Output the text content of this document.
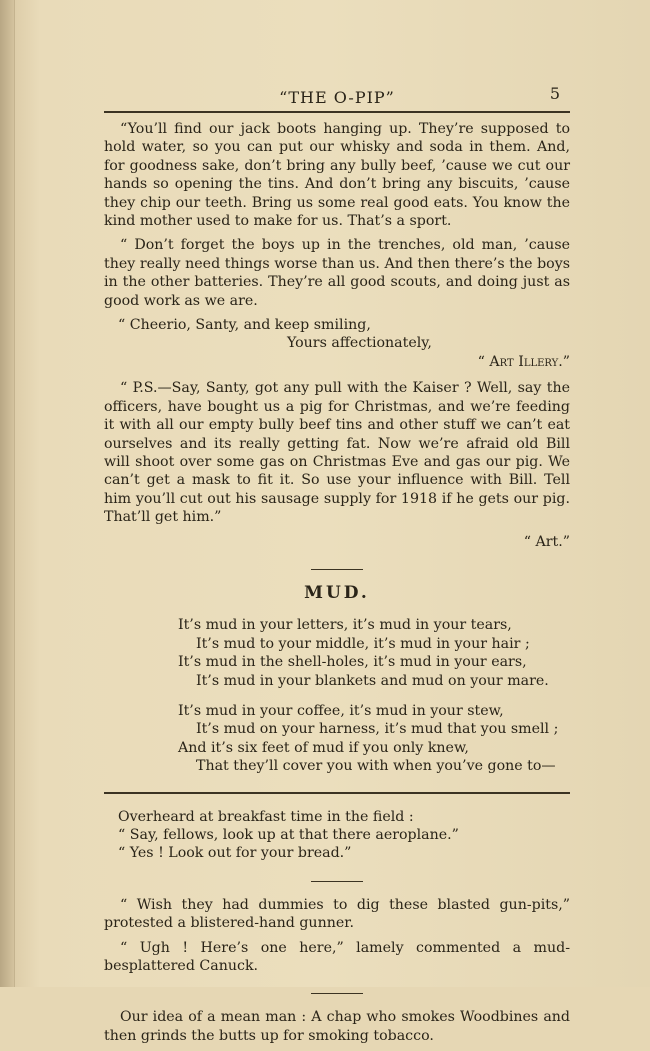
“THE O-PIP”	5

“You’ll find our jack boots hanging up. They’re supposed to hold water, so you can put our whisky and soda in them. And, for goodness sake, don’t bring any bully beef, ’cause we cut our hands so opening the tins. And don’t bring any biscuits, ’cause they chip our teeth. Bring us some real good eats. You know the kind mother used to make for us. That’s a sport.

“ Don’t forget the boys up in the trenches, old man, ’cause they really need things worse than us. And then there’s the boys in the other batteries. They’re all good scouts, and doing just as good work as we are.

“ Cheerio, Santy, and keep smiling,

Yours affectionately,

“ Art Illery.”

“ P.S.—Say, Santy, got any pull with the Kaiser ? Well, say the officers, have bought us a pig for Christmas, and we’re feeding it with all our empty bully beef tins and other stuff we can’t eat ourselves and its really getting fat. Now we’re afraid old Bill will shoot over some gas on Christmas Eve and gas our pig. We can’t get a mask to fit it. So use your influence with Bill. Tell him you’ll cut out his sausage supply for 1918 if he gets our pig. That’ll get him.”

“ Art.”

MUD.

It’s mud in your letters, it’s mud in your tears,

It’s mud to your middle, it’s mud in your hair ;

It’s mud in the shell-holes, it’s mud in your ears,

It’s mud in your blankets and mud on your mare.

It’s mud in your coffee, it’s mud in your stew,

It’s mud on your harness, it’s mud that you smell ;

And it’s six feet of mud if you only knew,

That they’ll cover you with when you’ve gone to—

Overheard at breakfast time in the field :

“ Say, fellows, look up at that there aeroplane.”

“ Yes ! Look out for your bread.”

“ Wish they had dummies to dig these blasted gun-pits,” protested a blistered-hand gunner.

“ Ugh ! Here’s one here,” lamely commented a mud-besplattered Canuck.

Our idea of a mean man : A chap who smokes Woodbines and then grinds the butts up for smoking tobacco.
